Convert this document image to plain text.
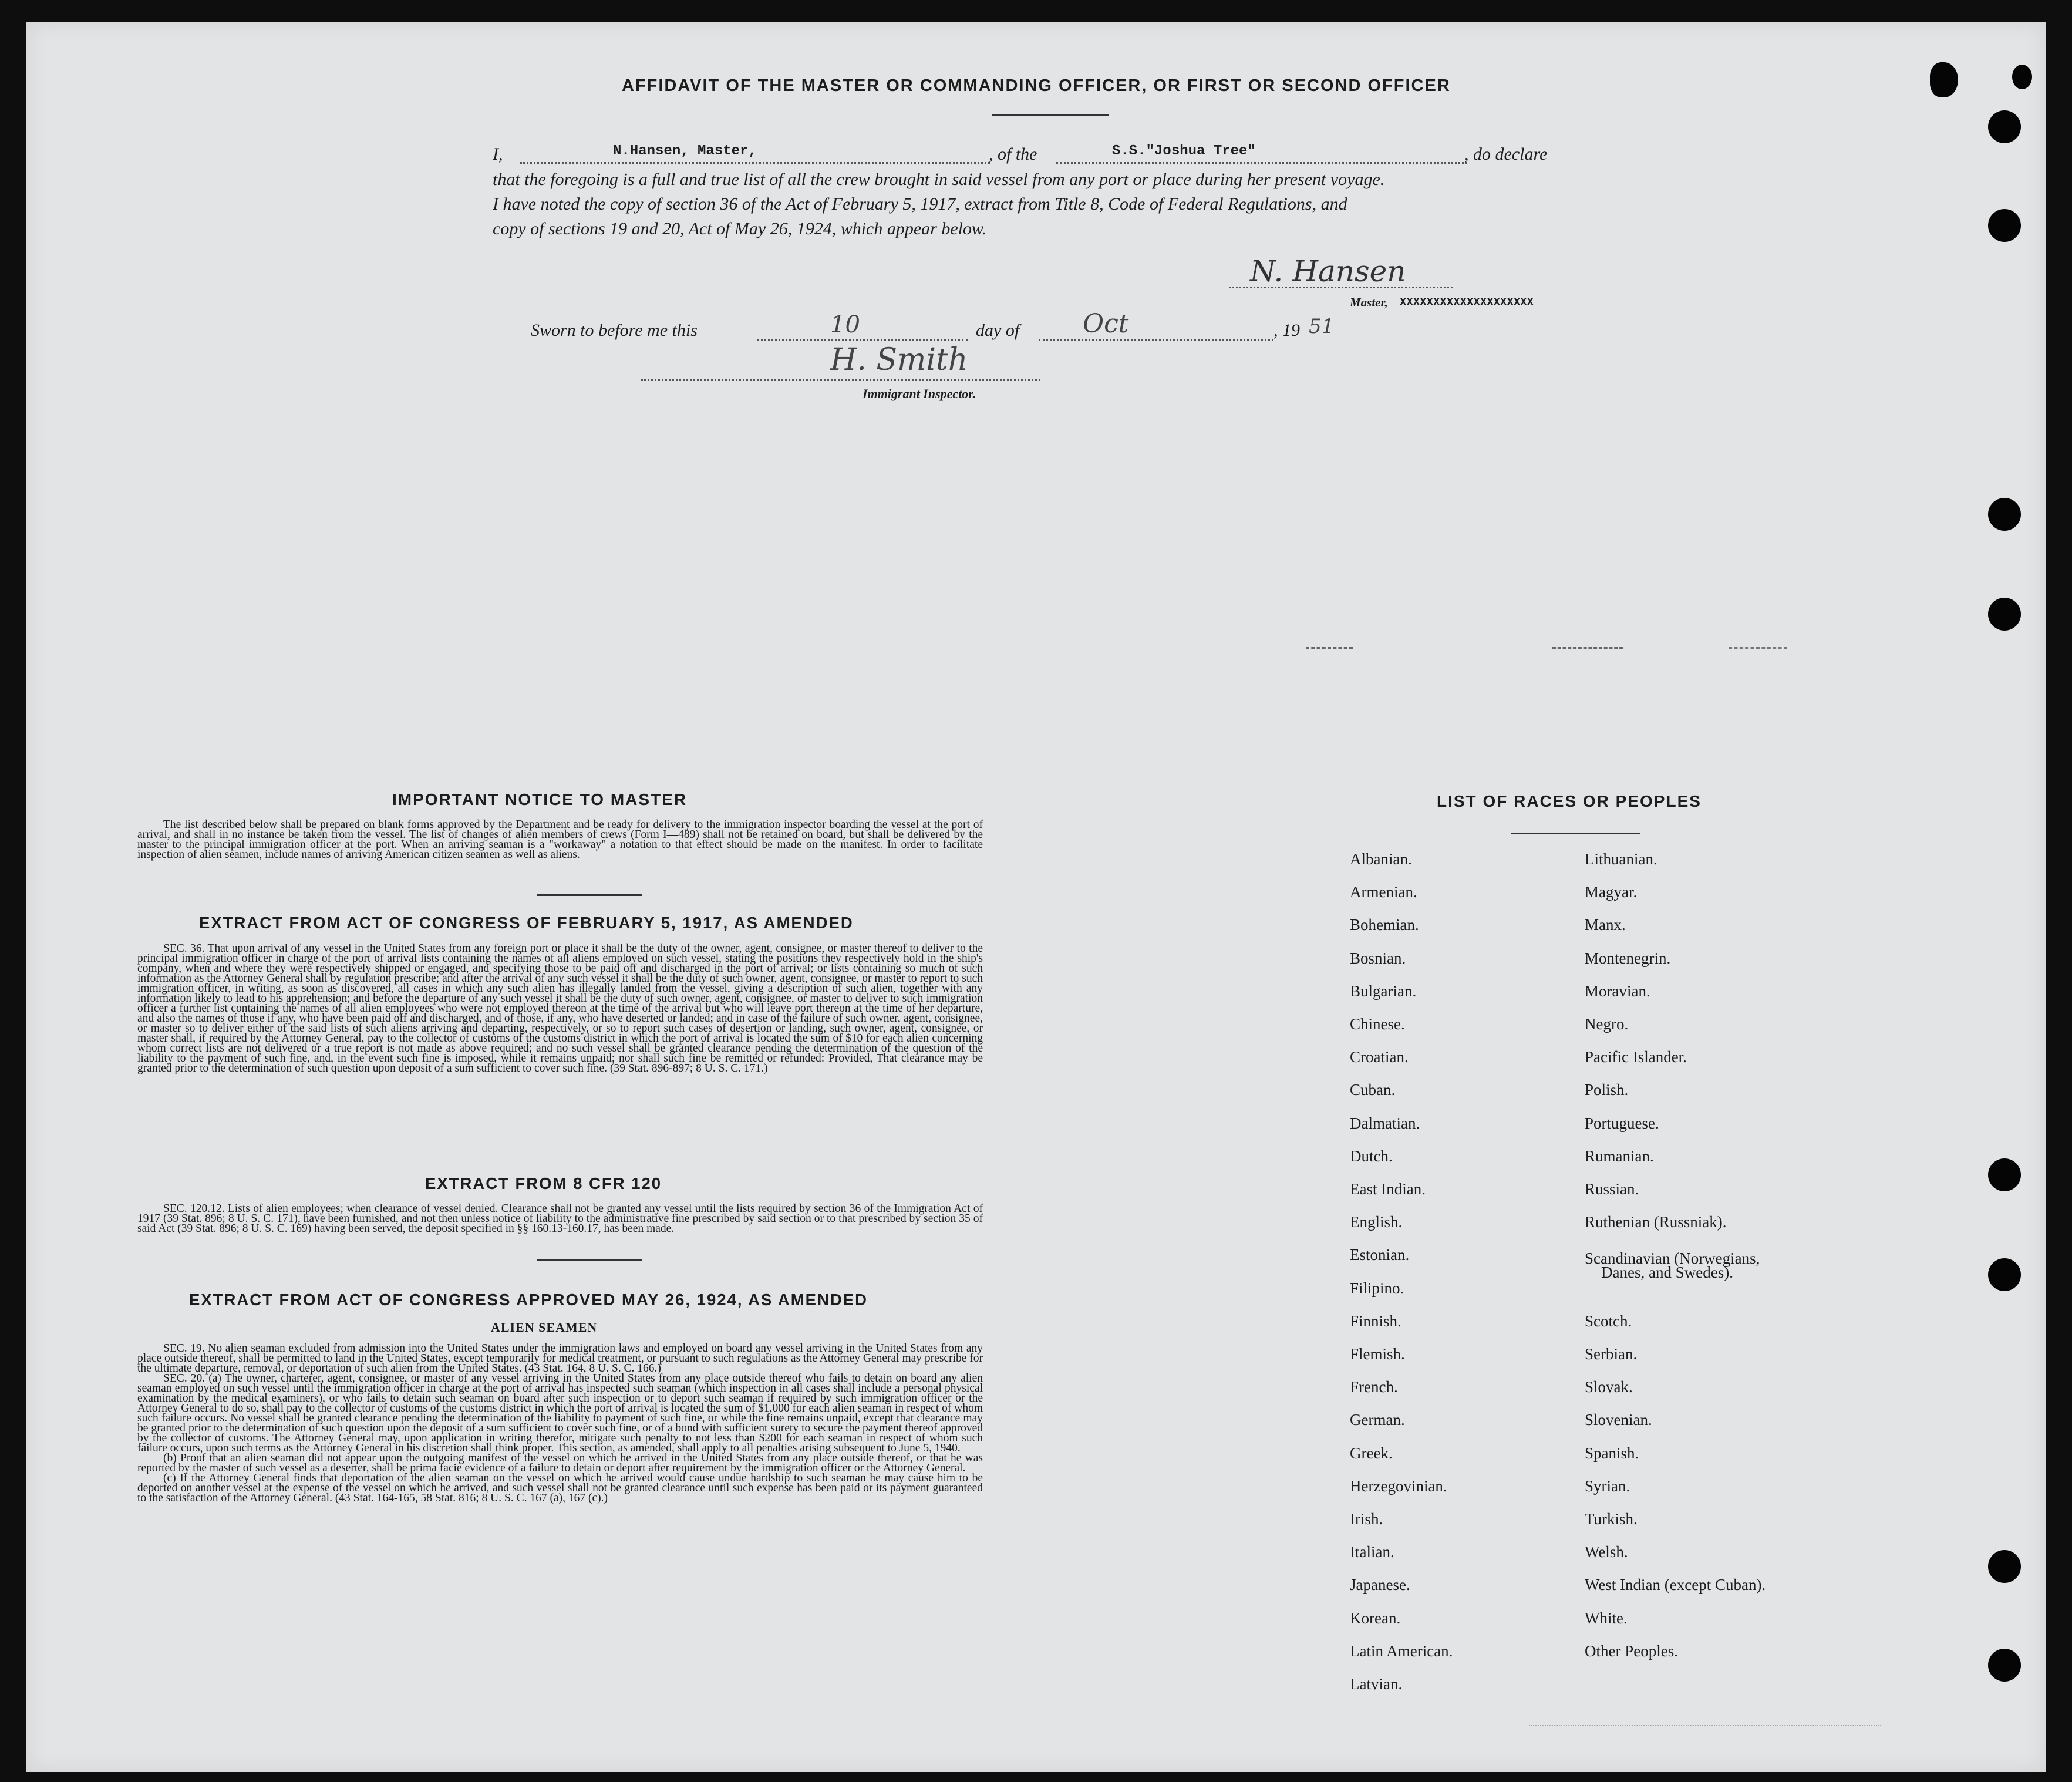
AFFIDAVIT OF THE MASTER OR COMMANDING OFFICER, OR FIRST OR SECOND OFFICER
I,	N.Hansen, Master,	, of the	S.S."Joshua Tree"	, do declare
that the foregoing is a full and true list of all the crew brought in said vessel from any port or place during her present voyage.
I have noted the copy of section 36 of the Act of February 5, 1917, extract from Title 8, Code of Federal Regulations, and
copy of sections 19 and 20, Act of May 26, 1924, which appear below.
N. Hansen
Master, XXXXXXXXXXXXXXXXXXXX
Sworn to before me this	10	day of Oct	, 19 51
H. Smith
Immigrant Inspector.
IMPORTANT NOTICE TO MASTER

The list described below shall be prepared on blank forms approved by the Department and be ready for delivery to the immigration inspector boarding the vessel at the port of arrival, and shall in no instance be taken from the vessel. The list of changes of alien members of crews (Form I—489) shall not be retained on board, but shall be delivered by the master to the principal immigration officer at the port. When an arriving seaman is a "workaway" a notation to that effect should be made on the manifest. In order to facilitate inspection of alien seamen, include names of arriving American citizen seamen as well as aliens.

EXTRACT FROM ACT OF CONGRESS OF FEBRUARY 5, 1917, AS AMENDED

SEC. 36. That upon arrival of any vessel in the United States from any foreign port or place it shall be the duty of the owner, agent, consignee, or master thereof to deliver to the principal immigration officer in charge of the port of arrival lists containing the names of all aliens employed on such vessel, stating the positions they respectively hold in the ship's company, when and where they were respectively shipped or engaged, and specifying those to be paid off and discharged in the port of arrival; or lists containing so much of such information as the Attorney General shall by regulation prescribe; and after the arrival of any such vessel it shall be the duty of such owner, agent, consignee, or master to report to such immigration officer, in writing, as soon as discovered, all cases in which any such alien has illegally landed from the vessel, giving a description of such alien, together with any information likely to lead to his apprehension; and before the departure of any such vessel it shall be the duty of such owner, agent, consignee, or master to deliver to such immigration officer a further list containing the names of all alien employees who were not employed thereon at the time of the arrival but who will leave port thereon at the time of her departure, and also the names of those if any, who have been paid off and discharged, and of those, if any, who have deserted or landed; and in case of the failure of such owner, agent, consignee, or master so to deliver either of the said lists of such aliens arriving and departing, respectively, or so to report such cases of desertion or landing, such owner, agent, consignee, or master shall, if required by the Attorney General, pay to the collector of customs of the customs district in which the port of arrival is located the sum of $10 for each alien concerning whom correct lists are not delivered or a true report is not made as above required; and no such vessel shall be granted clearance pending the determination of the question of the liability to the payment of such fine, and, in the event such fine is imposed, while it remains unpaid; nor shall such fine be remitted or refunded: Provided, That clearance may be granted prior to the determination of such question upon deposit of a sum sufficient to cover such fine. (39 Stat. 896-897; 8 U. S. C. 171.)

EXTRACT FROM 8 CFR 120

SEC. 120.12. Lists of alien employees; when clearance of vessel denied. Clearance shall not be granted any vessel until the lists required by section 36 of the Immigration Act of 1917 (39 Stat. 896; 8 U. S. C. 171), have been furnished, and not then unless notice of liability to the administrative fine prescribed by said section or to that prescribed by section 35 of said Act (39 Stat. 896; 8 U. S. C. 169) having been served, the deposit specified in §§ 160.13-160.17, has been made.

EXTRACT FROM ACT OF CONGRESS APPROVED MAY 26, 1924, AS AMENDED
ALIEN SEAMEN

SEC. 19. No alien seaman excluded from admission into the United States under the immigration laws and employed on board any vessel arriving in the United States from any place outside thereof, shall be permitted to land in the United States, except temporarily for medical treatment, or pursuant to such regulations as the Attorney General may prescribe for the ultimate departure, removal, or deportation of such alien from the United States. (43 Stat. 164, 8 U. S. C. 166.)

SEC. 20. (a) The owner, charterer, agent, consignee, or master of any vessel arriving in the United States from any place outside thereof who fails to detain on board any alien seaman employed on such vessel until the immigration officer in charge at the port of arrival has inspected such seaman (which inspection in all cases shall include a personal physical examination by the medical examiners), or who fails to detain such seaman on board after such inspection or to deport such seaman if required by such immigration officer or the Attorney General to do so, shall pay to the collector of customs of the customs district in which the port of arrival is located the sum of $1,000 for each alien seaman in respect of whom such failure occurs. No vessel shall be granted clearance pending the determination of the liability to payment of such fine, or while the fine remains unpaid, except that clearance may be granted prior to the determination of such question upon the deposit of a sum sufficient to cover such fine, or of a bond with sufficient surety to secure the payment thereof approved by the collector of customs. The Attorney General may, upon application in writing therefor, mitigate such penalty to not less than $200 for each seaman in respect of whom such failure occurs, upon such terms as the Attorney General in his discretion shall think proper. This section, as amended, shall apply to all penalties arising subsequent to June 5, 1940.

(b) Proof that an alien seaman did not appear upon the outgoing manifest of the vessel on which he arrived in the United States from any place outside thereof, or that he was reported by the master of such vessel as a deserter, shall be prima facie evidence of a failure to detain or deport after requirement by the immigration officer or the Attorney General.

(c) If the Attorney General finds that deportation of the alien seaman on the vessel on which he arrived would cause undue hardship to such seaman he may cause him to be deported on another vessel at the expense of the vessel on which he arrived, and such vessel shall not be granted clearance until such expense has been paid or its payment guaranteed to the satisfaction of the Attorney General. (43 Stat. 164-165, 58 Stat. 816; 8 U. S. C. 167 (a), 167 (c).)

LIST OF RACES OR PEOPLES
Albanian.
Armenian.
Bohemian.
Bosnian.
Bulgarian.
Chinese.
Croatian.
Cuban.
Dalmatian.
Dutch.
East Indian.
English.
Estonian.
Filipino.
Finnish.
Flemish.
French.
German.
Greek.
Herzegovinian.
Irish.
Italian.
Japanese.
Korean.
Latin American.
Latvian.
Lithuanian.
Magyar.
Manx.
Montenegrin.
Moravian.
Negro.
Pacific Islander.
Polish.
Portuguese.
Rumanian.
Russian.
Ruthenian (Russniak).
Scandinavian (Norwegians,
Danes, and Swedes).
Scotch.
Serbian.
Slovak.
Slovenian.
Spanish.
Syrian.
Turkish.
Welsh.
West Indian (except Cuban).
White.
Other Peoples.
